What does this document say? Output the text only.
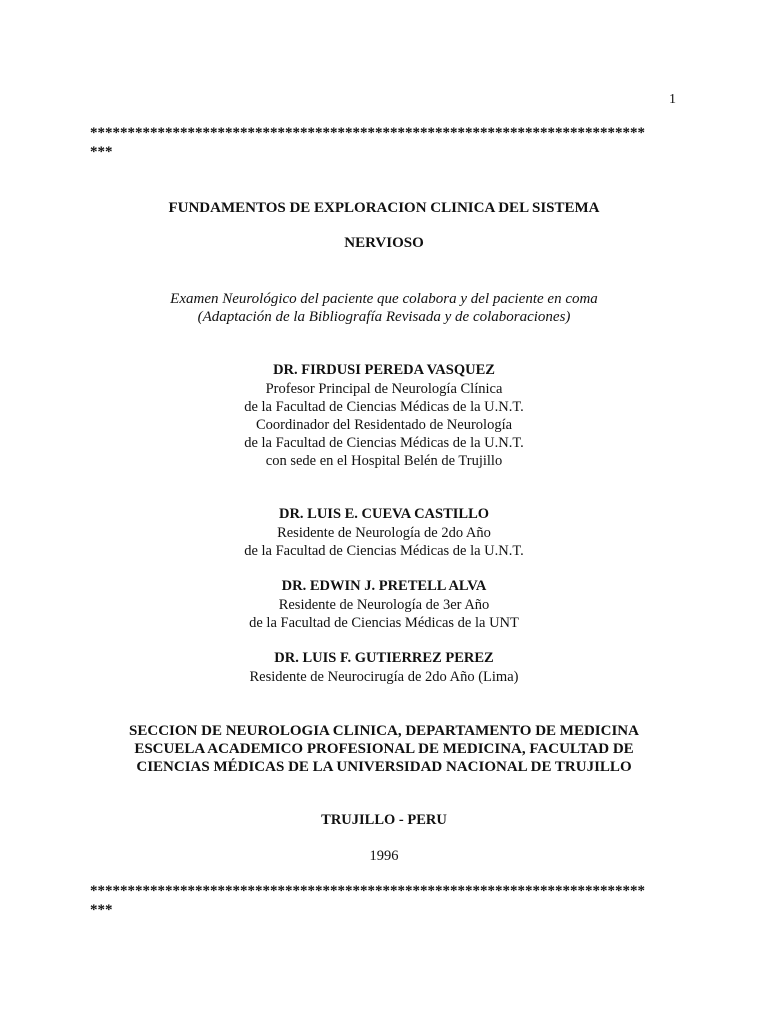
1
**************************************************************************
***
FUNDAMENTOS DE EXPLORACION CLINICA DEL SISTEMA
NERVIOSO
Examen Neurológico del paciente que colabora y del paciente en coma
(Adaptación de la Bibliografía Revisada y de colaboraciones)
DR. FIRDUSI PEREDA VASQUEZ
Profesor Principal de Neurología Clínica
de la Facultad de Ciencias Médicas de la U.N.T.
Coordinador del Residentado de Neurología
de la Facultad de Ciencias Médicas de la U.N.T.
con sede en el Hospital Belén de Trujillo
DR. LUIS E. CUEVA CASTILLO
Residente de Neurología de 2do Año
de la Facultad de Ciencias Médicas de la U.N.T.
DR. EDWIN J. PRETELL ALVA
Residente de Neurología de 3er Año
de la Facultad de Ciencias Médicas de la UNT
DR. LUIS F. GUTIERREZ PEREZ
Residente de Neurocirugía de 2do Año (Lima)
SECCION DE NEUROLOGIA CLINICA, DEPARTAMENTO DE MEDICINA
ESCUELA ACADEMICO PROFESIONAL DE MEDICINA, FACULTAD DE
CIENCIAS MÉDICAS DE LA UNIVERSIDAD NACIONAL DE TRUJILLO
TRUJILLO - PERU
1996
**************************************************************************
***
